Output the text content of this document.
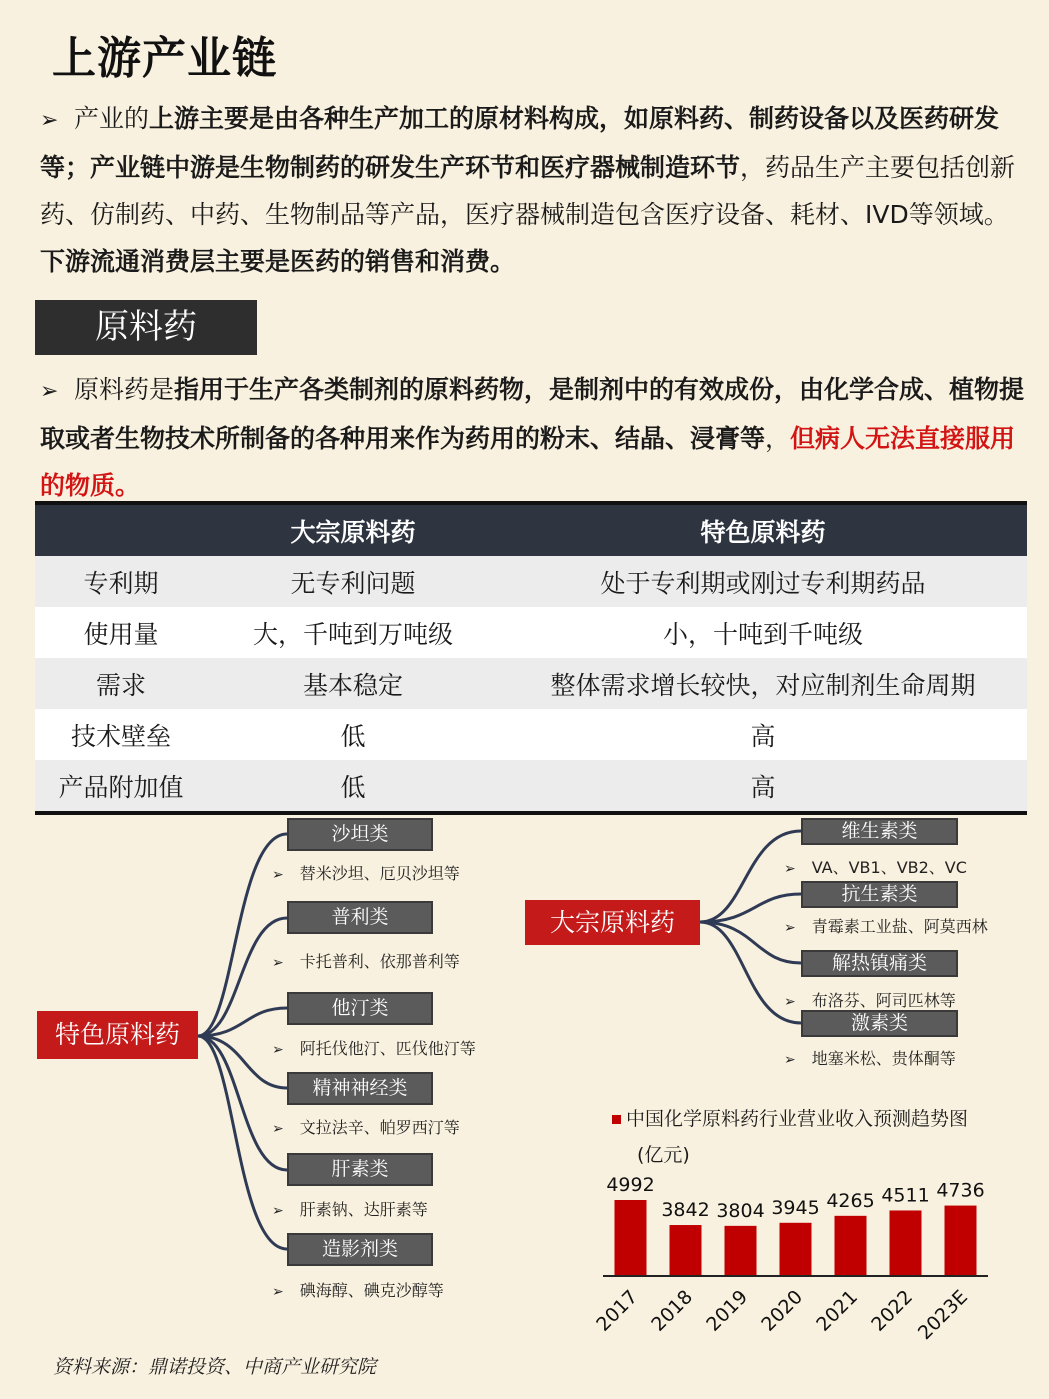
上游产业链
➢ 产业的上游主要是由各种生产加工的原材料构成，如原料药、制药设备以及医药研发等；产业链中游是生物制药的研发生产环节和医疗器械制造环节，药品生产主要包括创新药、仿制药、中药、生物制品等产品，医疗器械制造包含医疗设备、耗材、IVD等领域。下游流通消费层主要是医药的销售和消费。
原料药
➢ 原料药是指用于生产各类制剂的原料药物，是制剂中的有效成份，由化学合成、植物提取或者生物技术所制备的各种用来作为药用的粉末、结晶、浸膏等，但病人无法直接服用的物质。
	大宗原料药	特色原料药
专利期	无专利问题	处于专利期或刚过专利期药品
使用量	大，千吨到万吨级	小，十吨到千吨级
需求	基本稳定	整体需求增长较快，对应制剂生命周期
技术壁垒	低	高
产品附加值	低	高
特色原料药
沙坦类
➢ 替米沙坦、厄贝沙坦等
普利类
➢ 卡托普利、依那普利等
他汀类
➢ 阿托伐他汀、匹伐他汀等
精神神经类
➢ 文拉法辛、帕罗西汀等
肝素类
➢ 肝素钠、达肝素等
造影剂类
➢ 碘海醇、碘克沙醇等
大宗原料药
维生素类
➢ VA、VB1、VB2、VC
抗生素类
➢ 青霉素工业盐、阿莫西林
解热镇痛类
➢ 布洛芬、阿司匹林等
激素类
➢ 地塞米松、贵体酮等
中国化学原料药行业营业收入预测趋势图
(亿元)
4992
2017
3842
2018
3804
2019
3945
2020
4265
2021
4511
2022
4736
2023E
资料来源：鼎诺投资、中商产业研究院
